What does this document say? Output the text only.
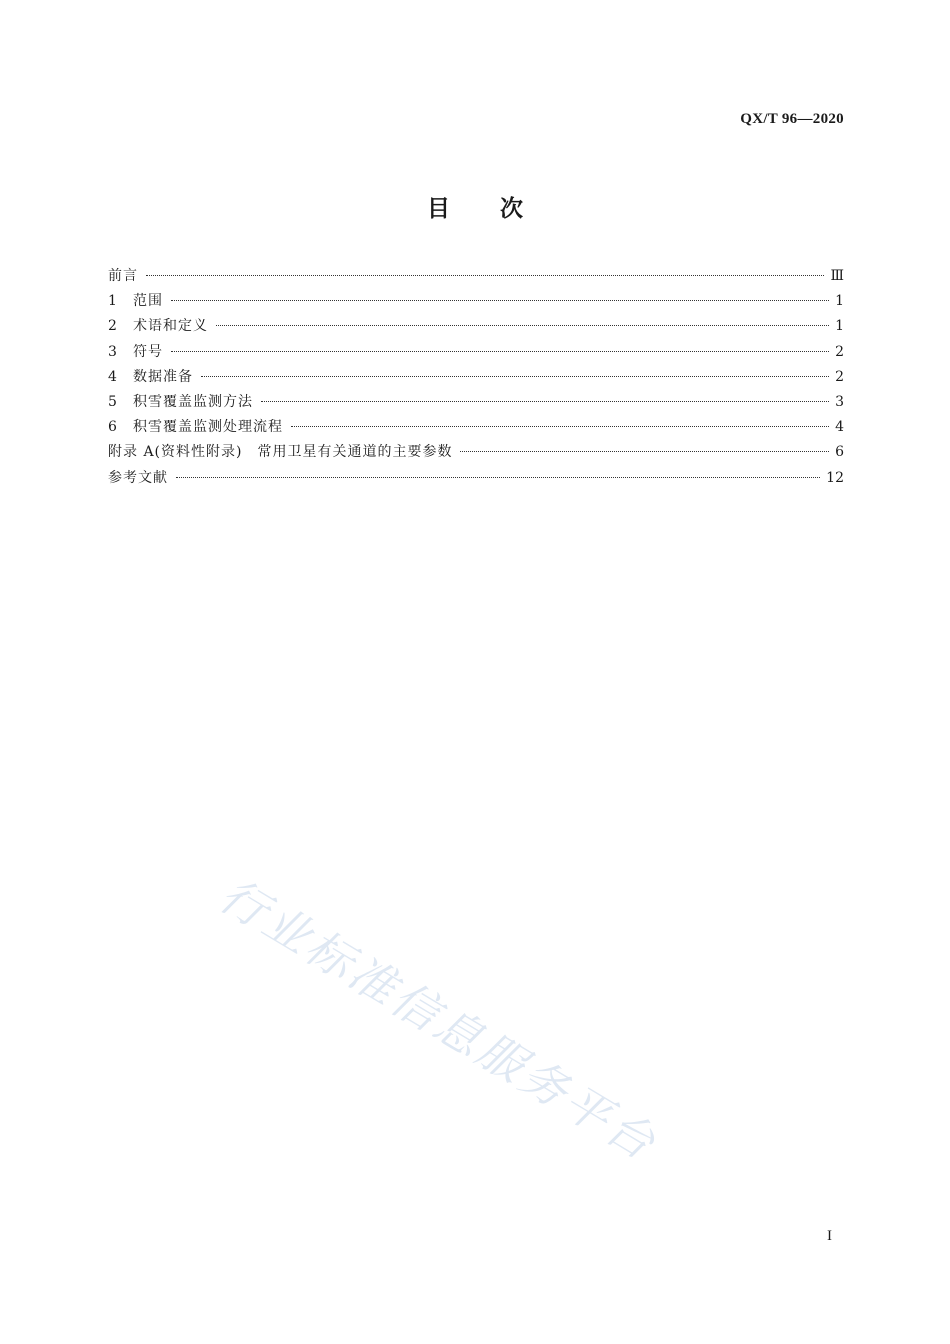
QX/T 96—2020
目次
前言	Ⅲ
1	范围	1
2	术语和定义	1
3	符号	2
4	数据准备	2
5	积雪覆盖监测方法	3
6	积雪覆盖监测处理流程	4
附录 A(资料性附录)　常用卫星有关通道的主要参数	6
参考文献	12
行业标准信息服务平台
I
